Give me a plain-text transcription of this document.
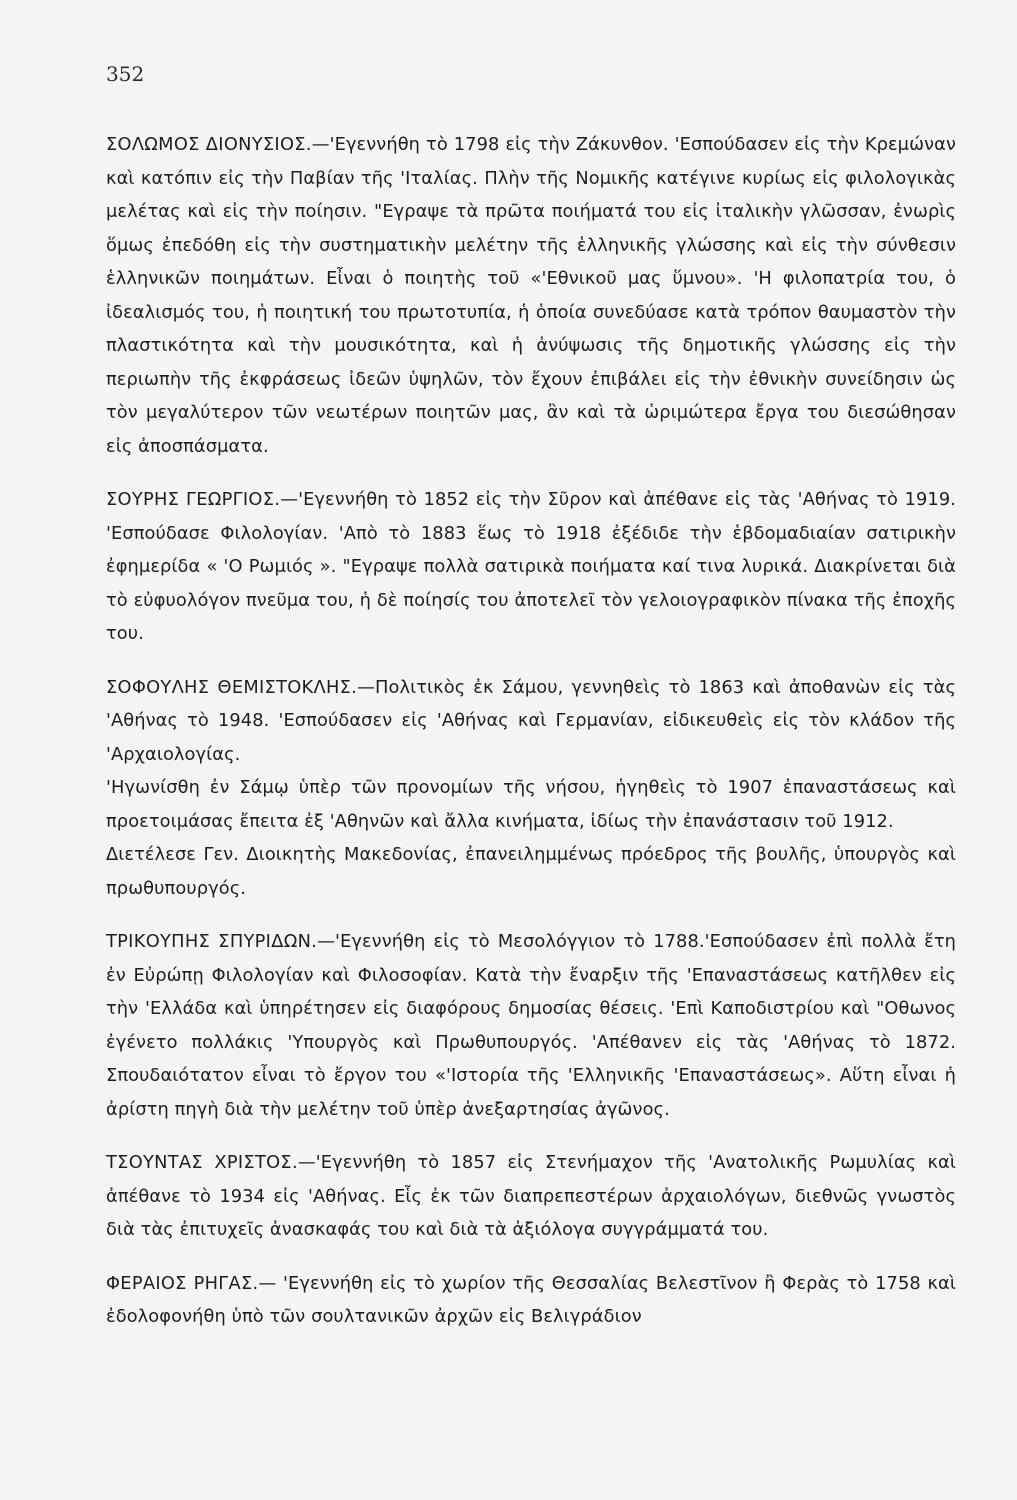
352

ΣΟΛΩΜΟΣ ΔΙΟΝΥΣΙΟΣ.—'Εγεννήθη τὸ 1798 εἰς τὴν Ζάκυνθον. 'Εσπούδασεν εἰς τὴν Κρεμώναν καὶ κατόπιν εἰς τὴν Παβίαν τῆς 'Ιταλίας. Πλὴν τῆς Νομικῆς κατέγινε κυρίως εἰς φιλολογικὰς μελέτας καὶ εἰς τὴν ποίησιν. "Εγραψε τὰ πρῶτα ποιήματά του εἰς ἰταλικὴν γλῶσσαν, ἐνωρὶς ὅμως ἐπεδόθη εἰς τὴν συστηματικὴν μελέτην τῆς ἑλληνικῆς γλώσσης καὶ εἰς τὴν σύνθεσιν ἑλληνικῶν ποιημάτων. Εἶναι ὁ ποιητὴς τοῦ «'Εθνικοῦ μας ὕμνου». 'Η φιλοπατρία του, ὁ ἰδεαλισμός του, ἡ ποιητική του πρωτοτυπία, ἡ ὁποία συνεδύασε κατὰ τρόπον θαυμαστὸν τὴν πλαστικότητα καὶ τὴν μουσικότητα, καὶ ἡ ἀνύψωσις τῆς δημοτικῆς γλώσσης εἰς τὴν περιωπὴν τῆς ἐκφράσεως ἰδεῶν ὑψηλῶν, τὸν ἔχουν ἐπιβάλει εἰς τὴν ἐθνικὴν συνείδησιν ὡς τὸν μεγαλύτερον τῶν νεωτέρων ποιητῶν μας, ἂν καὶ τὰ ὡριμώτερα ἔργα του διεσώθησαν εἰς ἀποσπάσματα.

ΣΟΥΡΗΣ ΓΕΩΡΓΙΟΣ.—'Εγεννήθη τὸ 1852 εἰς τὴν Σῦρον καὶ ἀπέθανε εἰς τὰς 'Αθήνας τὸ 1919. 'Εσπούδασε Φιλολογίαν. 'Απὸ τὸ 1883 ἕως τὸ 1918 ἐξέδιδε τὴν ἑβδομαδιαίαν σατιρικὴν ἐφημερίδα « 'Ο Ρωμιός ». "Εγραψε πολλὰ σατιρικὰ ποιήματα καί τινα λυρικά. Διακρίνεται διὰ τὸ εὐφυολόγον πνεῦμα του, ἡ δὲ ποίησίς του ἀποτελεῖ τὸν γελοιογραφικὸν πίνακα τῆς ἐποχῆς του.

ΣΟΦΟΥΛΗΣ ΘΕΜΙΣΤΟΚΛΗΣ.—Πολιτικὸς ἐκ Σάμου, γεννηθεὶς τὸ 1863 καὶ ἀποθανὼν εἰς τὰς 'Αθήνας τὸ 1948. 'Εσπούδασεν εἰς 'Αθήνας καὶ Γερμανίαν, εἰδικευθεὶς εἰς τὸν κλάδον τῆς 'Αρχαιολογίας.

'Ηγωνίσθη ἐν Σάμῳ ὑπὲρ τῶν προνομίων τῆς νήσου, ἡγηθεὶς τὸ 1907 ἐπαναστάσεως καὶ προετοιμάσας ἔπειτα ἐξ 'Αθηνῶν καὶ ἄλλα κινήματα, ἰδίως τὴν ἐπανάστασιν τοῦ 1912.

Διετέλεσε Γεν. Διοικητὴς Μακεδονίας, ἐπανειλημμένως πρόεδρος τῆς βουλῆς, ὑπουργὸς καὶ πρωθυπουργός.

ΤΡΙΚΟΥΠΗΣ ΣΠΥΡΙΔΩΝ.—'Εγεννήθη εἰς τὸ Μεσολόγγιον τὸ 1788.'Εσπούδασεν ἐπὶ πολλὰ ἔτη ἐν Εὐρώπῃ Φιλολογίαν καὶ Φιλοσοφίαν. Κατὰ τὴν ἔναρξιν τῆς 'Επαναστάσεως κατῆλθεν εἰς τὴν 'Ελλάδα καὶ ὑπηρέτησεν εἰς διαφόρους δημοσίας θέσεις. 'Επὶ Καποδιστρίου καὶ "Οθωνος ἐγένετο πολλάκις 'Υπουργὸς καὶ Πρωθυπουργός. 'Απέθανεν εἰς τὰς 'Αθήνας τὸ 1872. Σπουδαιότατον εἶναι τὸ ἔργον του «'Ιστορία τῆς 'Ελληνικῆς 'Επαναστάσεως». Αὕτη εἶναι ἡ ἀρίστη πηγὴ διὰ τὴν μελέτην τοῦ ὑπὲρ ἀνεξαρτησίας ἀγῶνος.

ΤΣΟΥΝΤΑΣ ΧΡΙΣΤΟΣ.—'Εγεννήθη τὸ 1857 εἰς Στενήμαχον τῆς 'Ανατολικῆς Ρωμυλίας καὶ ἀπέθανε τὸ 1934 εἰς 'Αθήνας. Εἷς ἐκ τῶν διαπρεπεστέρων ἀρχαιολόγων, διεθνῶς γνωστὸς διὰ τὰς ἐπιτυχεῖς ἀνασκαφάς του καὶ διὰ τὰ ἀξιόλογα συγγράμματά του.

ΦΕΡΑΙΟΣ ΡΗΓΑΣ.— 'Εγεννήθη εἰς τὸ χωρίον τῆς Θεσσαλίας Βελεστῖνον ἢ Φερὰς τὸ 1758 καὶ ἐδολοφονήθη ὑπὸ τῶν σουλτανικῶν ἀρχῶν εἰς Βελιγράδιον
